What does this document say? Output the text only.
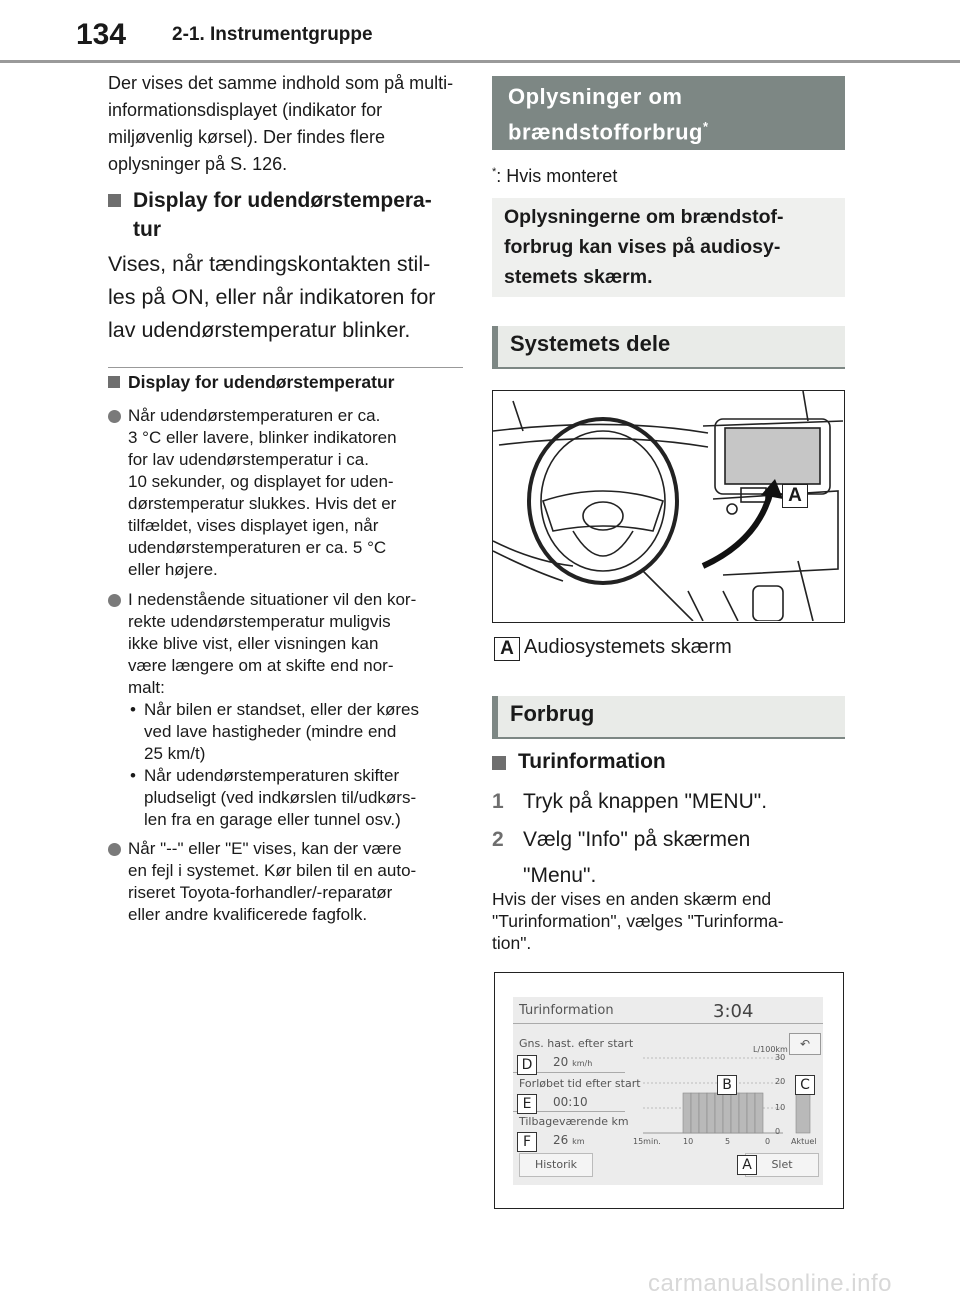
134 2-1. Instrumentgruppe

Der vises det samme indhold som på multi-informationsdisplayet (indikator for miljøvenlig kørsel). Der findes flere oplysninger på S. 126.

Display for udendørstempera-
tur
Vises, når tændingskontakten stil-
les på ON, eller når indikatoren for
lav udendørstemperatur blinker.
Display for udendørstemperatur
Når udendørstemperaturen er ca.
3 °C eller lavere, blinker indikatoren
for lav udendørstemperatur i ca.
10 sekunder, og displayet for uden-
dørstemperatur slukkes. Hvis det er
tilfældet, vises displayet igen, når
udendørstemperaturen er ca. 5 °C
eller højere.
I nedenstående situationer vil den kor-
rekte udendørstemperatur muligvis
ikke blive vist, eller visningen kan
være længere om at skifte end nor-
malt:
• Når bilen er standset, eller der køres
ved lave hastigheder (mindre end
25 km/t)
• Når udendørstemperaturen skifter
pludseligt (ved indkørslen til/udkørs-
len fra en garage eller tunnel osv.)
Når "--" eller "E" vises, kan der være
en fejl i systemet. Kør bilen til en auto-
riseret Toyota-forhandler/-reparatør
eller andre kvalificerede fagfolk.
Oplysninger om
brændstofforbrug*
*: Hvis monteret
Oplysningerne om brændstof-
forbrug kan vises på audiosy-
stemets skærm.
Systemets dele
A
A Audiosystemets skærm
Forbrug
Turinformation
1 Tryk på knappen "MENU".
2 Vælg "Info" på skærmen
"Menu".
Hvis der vises en anden skærm end
"Turinformation", vælges "Turinforma-
tion".
Turinformation	3:04
Gns. hast. efter start
20 km/h
Forløbet tid efter start
00:10
Tilbageværende km
26 km
L/100km	↶
30
20
10
0
15min.	10	5	0	Aktuel
Historik	Slet
D
E
F
B	C
A
carmanualsonline.info
